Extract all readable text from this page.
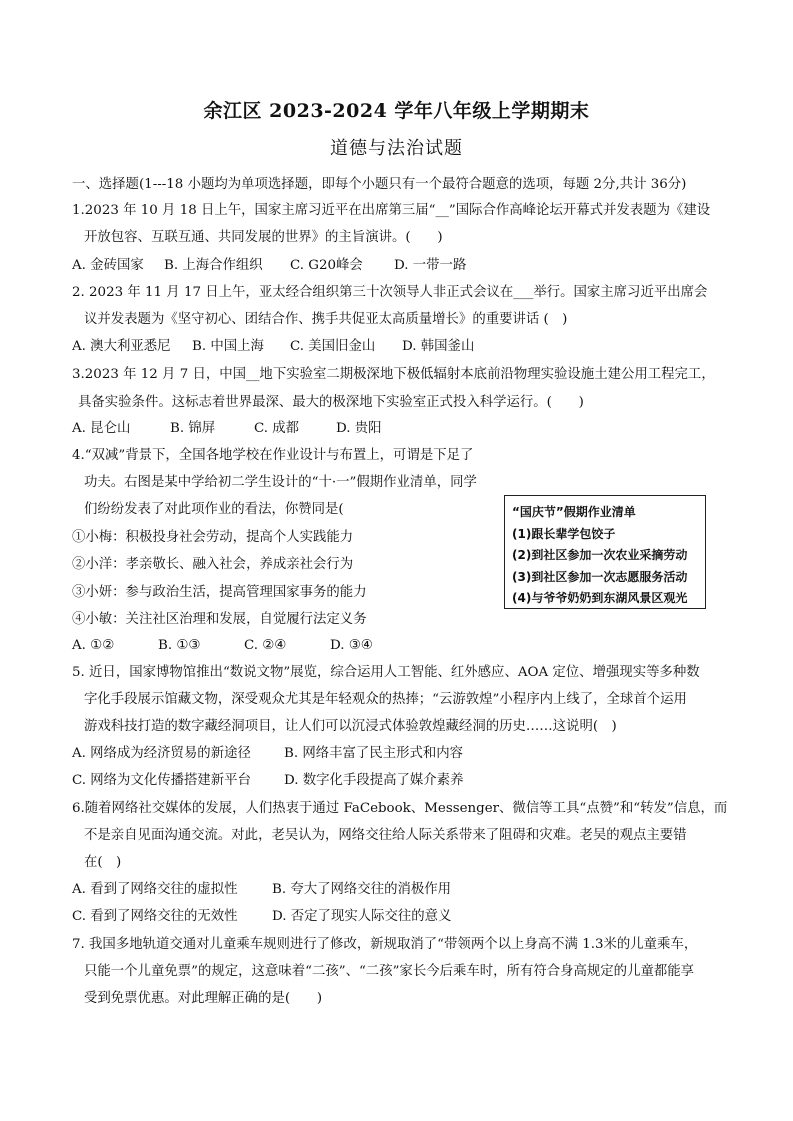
余江区 2023-2024 学年八年级上学期期末
道德与法治试题
一、选择题(1---18 小题均为单项选择题，即每个小题只有一个最符合题意的选项，每题 2分,共计 36分)
1.2023 年 10 月 18 日上午，国家主席习近平在出席第三届“__”国际合作高峰论坛开幕式并发表题为《建设
开放包容、互联互通、共同发展的世界》的主旨演讲。(　　)
A. 金砖国家 B. 上海合作组织 C. G20峰会 D. 一带一路
2. 2023 年 11 月 17 日上午，亚太经合组织第三十次领导人非正式会议在___举行。国家主席习近平出席会
议并发表题为《坚守初心、团结合作、携手共促亚太高质量增长》的重要讲话 (　)
A. 澳大利亚悉尼 B. 中国上海 C. 美国旧金山 D. 韩国釜山
3.2023 年 12 月 7 日，中国__地下实验室二期极深地下极低辐射本底前沿物理实验设施土建公用工程完工，
具备实验条件。这标志着世界最深、最大的极深地下实验室正式投入科学运行。(　　)
A. 昆仑山	B. 锦屏	C. 成都	D. 贵阳
4.“双减”背景下，全国各地学校在作业设计与布置上，可谓是下足了
功夫。右图是某中学给初二学生设计的“十·一”假期作业清单，同学
们纷纷发表了对此项作业的看法，你赞同是(
①小梅：积极投身社会劳动，提高个人实践能力
②小洋：孝亲敬长、融入社会，养成亲社会行为
③小妍：参与政治生活，提高管理国家事务的能力
④小敏：关注社区治理和发展，自觉履行法定义务
A. ①②	B. ①③	C. ②④	D. ③④
“国庆节”假期作业清单
(1)跟长辈学包饺子
(2)到社区参加一次农业采摘劳动
(3)到社区参加一次志愿服务活动
(4)与爷爷奶奶到东湖风景区观光
5. 近日，国家博物馆推出“数说文物”展览，综合运用人工智能、红外感应、AOA 定位、增强现实等多种数
字化手段展示馆藏文物，深受观众尤其是年轻观众的热捧；“云游敦煌”小程序内上线了，全球首个运用
游戏科技打造的数字藏经洞项目，让人们可以沉浸式体验敦煌藏经洞的历史……这说明(　)
A. 网络成为经济贸易的新途径 B. 网络丰富了民主形式和内容
C. 网络为文化传播搭建新平台 D. 数字化手段提高了媒介素养
6.随着网络社交媒体的发展，人们热衷于通过 FaCebook、Messenger、微信等工具“点赞”和“转发”信息，而
不是亲自见面沟通交流。对此，老吴认为，网络交往给人际关系带来了阻碍和灾难。老吴的观点主要错
在(　)
A. 看到了网络交往的虚拟性	B. 夸大了网络交往的消极作用
C. 看到了网络交往的无效性	D. 否定了现实人际交往的意义
7. 我国多地轨道交通对儿童乘车规则进行了修改，新规取消了“带领两个以上身高不满 1.3米的儿童乘车，
只能一个儿童免票”的规定，这意味着“二孩”、“二孩”家长今后乘车时，所有符合身高规定的儿童都能享
受到免票优惠。对此理解正确的是(　　)
